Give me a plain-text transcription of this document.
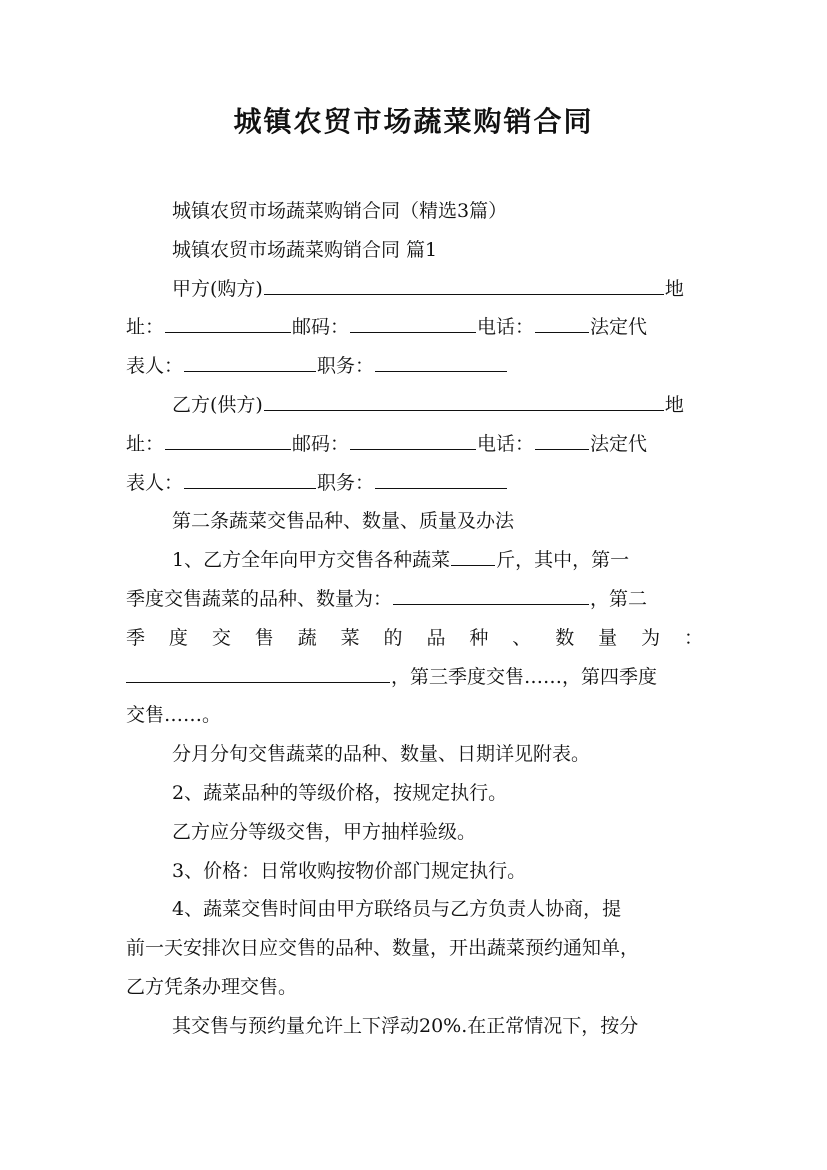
城镇农贸市场蔬菜购销合同
城镇农贸市场蔬菜购销合同（精选3篇）
城镇农贸市场蔬菜购销合同 篇1
甲方(购方)	地
址：	邮码：	电话：	法定代
表人：	职务：
乙方(供方)	地
址：	邮码：	电话：	法定代
表人：	职务：
第二条蔬菜交售品种、数量、质量及办法
1、乙方全年向甲方交售各种蔬菜 斤，其中，第一
季度交售蔬菜的品种、数量为：	，第二
季 度 交 售 蔬 菜 的 品 种 、 数 量 为 ：
，第三季度交售……，第四季度
交售……。
分月分旬交售蔬菜的品种、数量、日期详见附表。
2、蔬菜品种的等级价格，按规定执行。
乙方应分等级交售，甲方抽样验级。
3、价格：日常收购按物价部门规定执行。
4、蔬菜交售时间由甲方联络员与乙方负责人协商，提
前一天安排次日应交售的品种、数量，开出蔬菜预约通知单，
乙方凭条办理交售。
其交售与预约量允许上下浮动20%.在正常情况下，按分
